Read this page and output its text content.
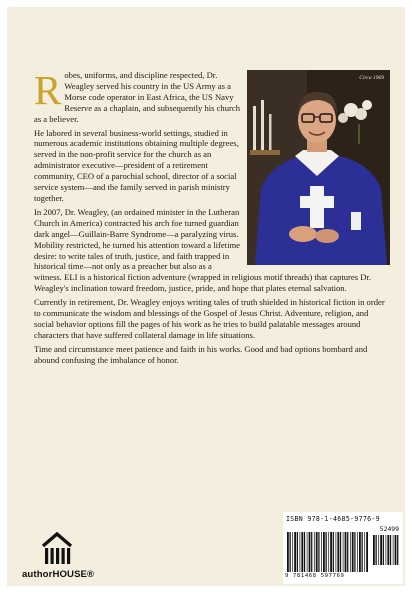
Circa 1969

Robes, uniforms, and discipline respected, Dr. Weagley served his country in the US Army as a Morse code operator in East Africa, the US Navy Reserve as a chaplain, and subsequently his church as a believer.

He labored in several business-world settings, studied in numerous academic institutions obtaining multiple degrees, served in the non-profit service for the church as an administrator executive—president of a retirement community, CEO of a parochial school, director of a social service system—and the family served in parish ministry together.

In 2007, Dr. Weagley, (an ordained minister in the Lutheran Church in America) contracted his arch foe turned guardian dark angel—Guillain-Barre Syndrome—a paralyzing virus. Mobility restricted, he turned his attention toward a lifetime desire: to write tales of truth, justice, and faith trapped in historical time—not only as a preacher but also as a witness. ELI is a historical fiction adventure (wrapped in religious motif threads) that captures Dr. Weagley's inclination toward freedom, justice, pride, and hope that plates eternal salvation.

Currently in retirement, Dr. Weagley enjoys writing tales of truth shielded in historical fiction in order to communicate the wisdom and blessings of the Gospel of Jesus Christ. Adventure, religion, and social behavior options fill the pages of his work as he tries to build palatable messages around characters that have suffered collateral damage in life situations.

Time and circumstance meet patience and faith in his works. Good and bad options bombard and abound confusing the imbalance of honor.

authorHOUSE®
ISBN 978-1-4685-9776-9
52499
9 781468 597769
